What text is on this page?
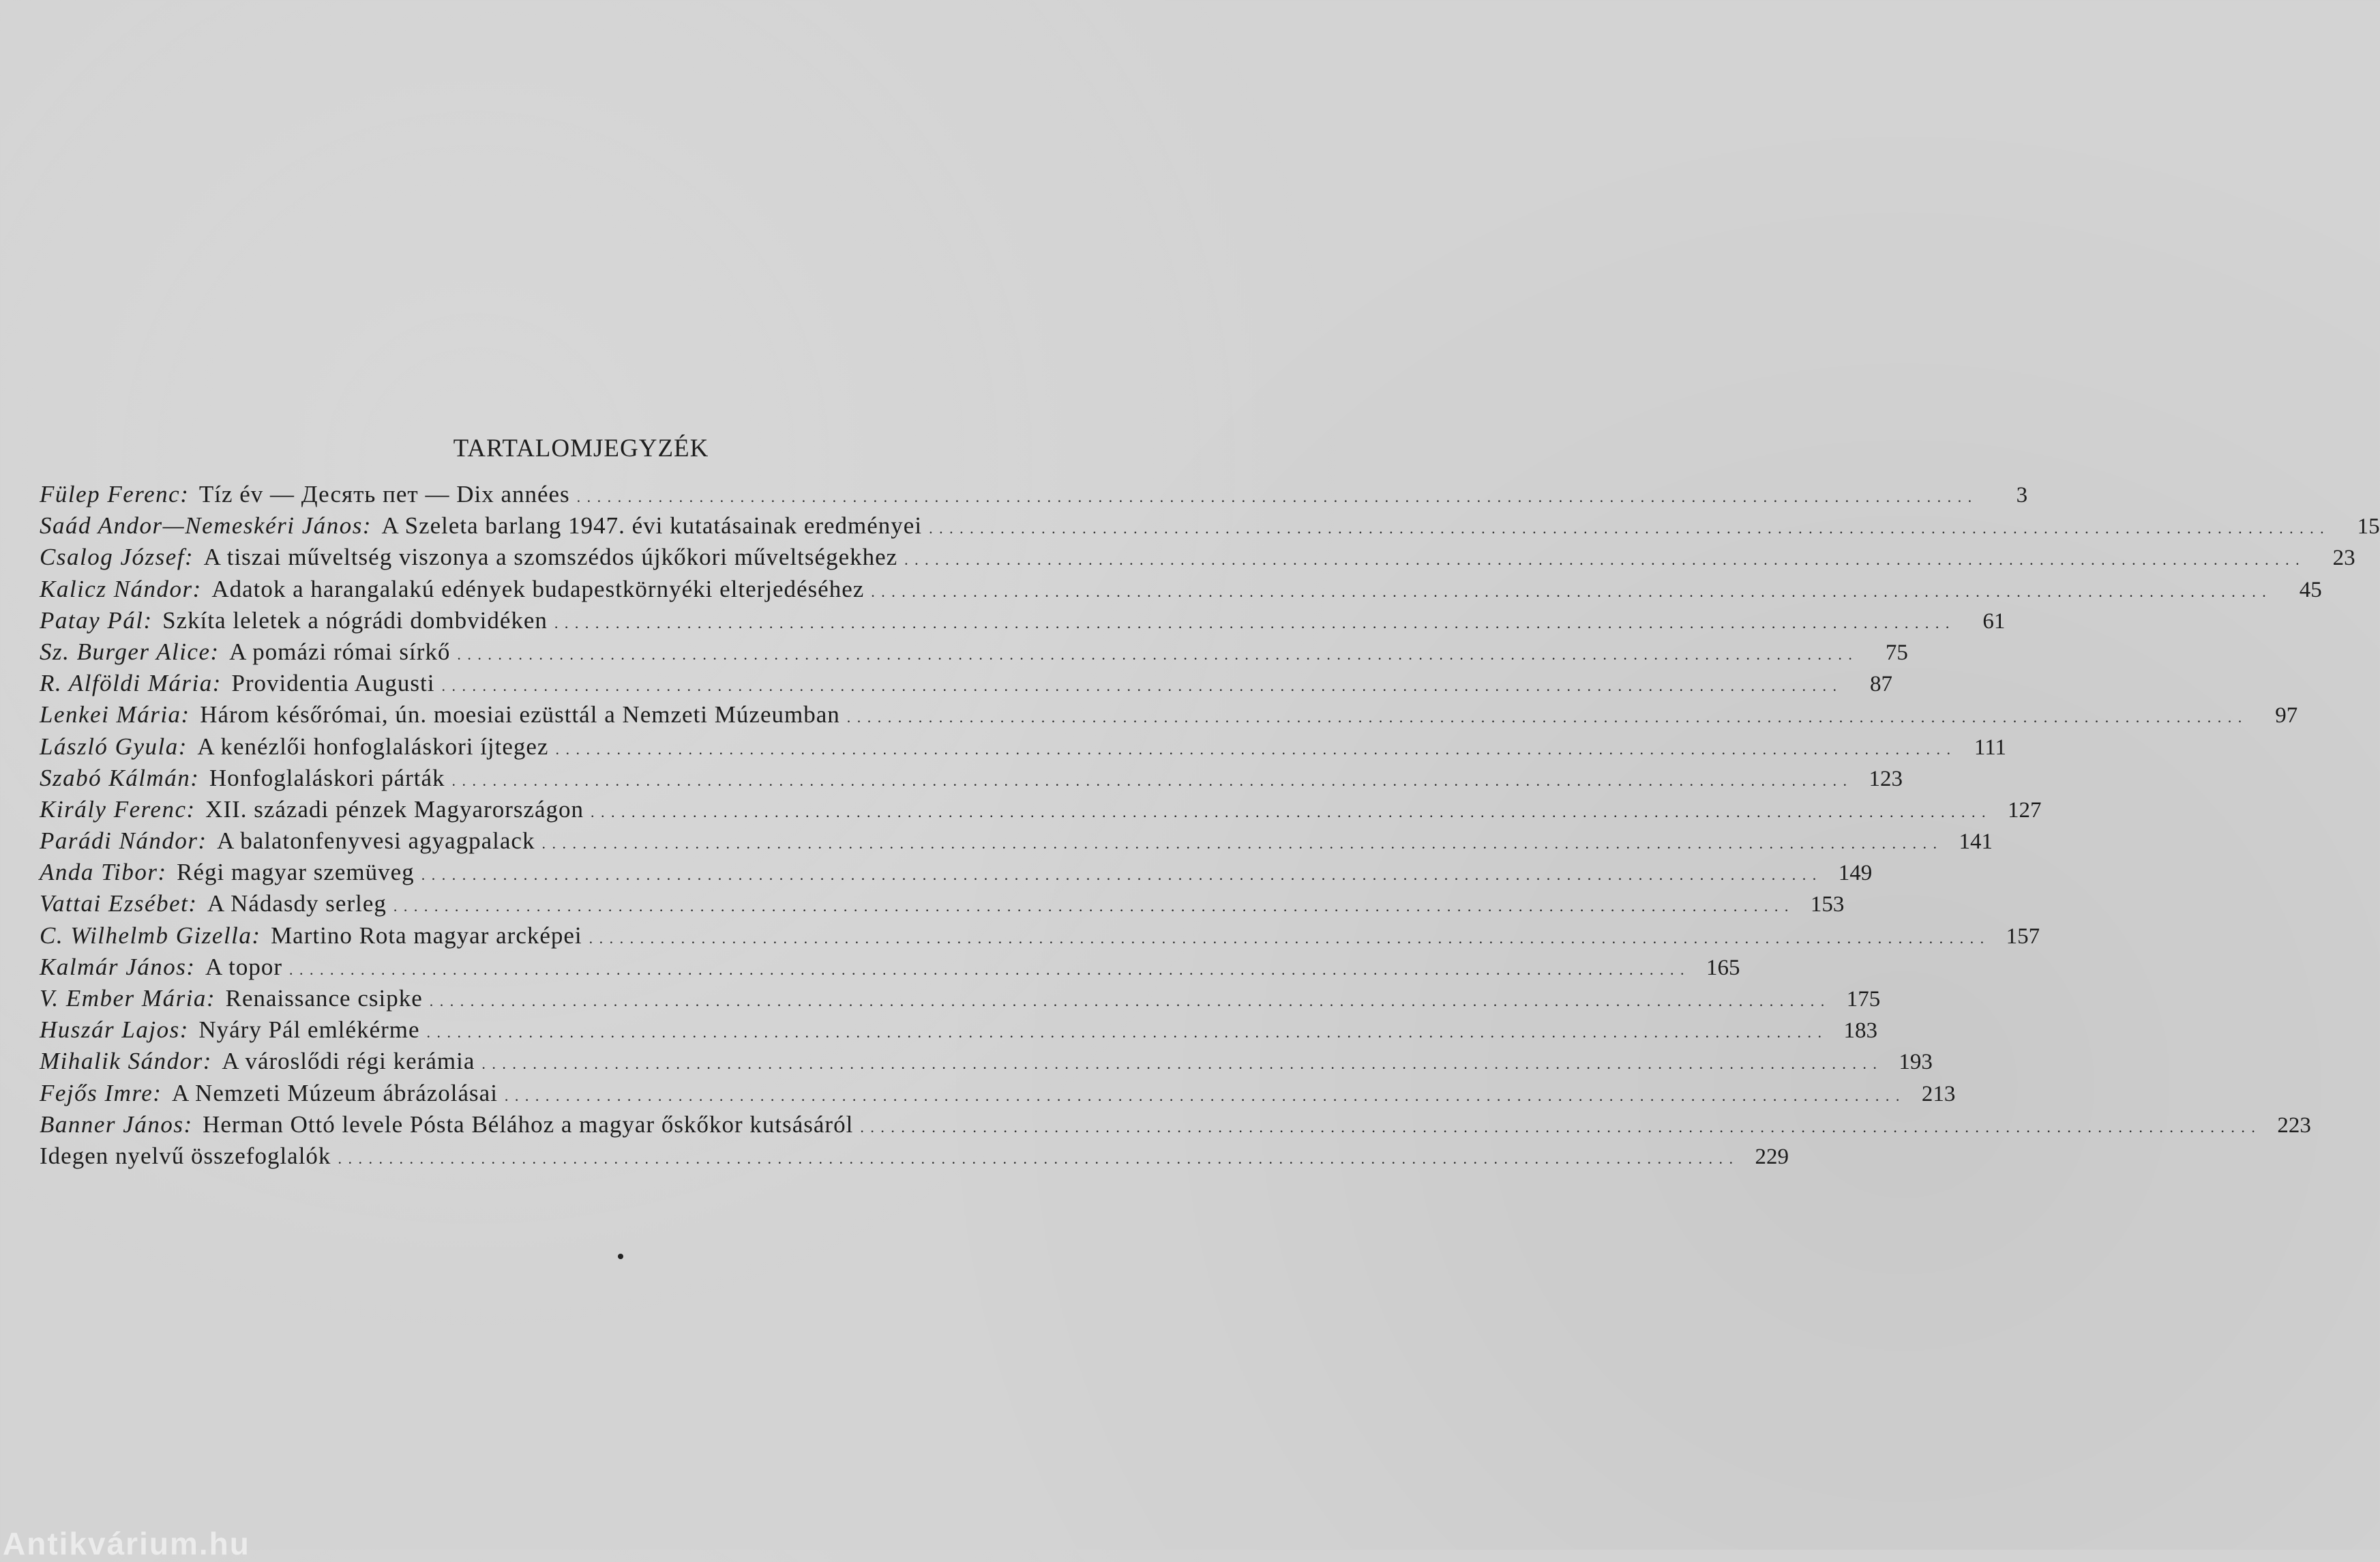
TARTALOMJEGYZÉK
Fülep Ferenc : Tíz év — Десять пет — Dix années . . .	3
Saád Andor—Nemeskéri János : A Szeleta barlang 1947. évi kutatásainak eredményei . . .	15
Csalog József : A tiszai műveltség viszonya a szomszédos újkőkori műveltségekhez . . .	23
Kalicz Nándor : Adatok a harangalakú edények budapestkörnyéki elterjedéséhez . . .	45
Patay Pál : Szkíta leletek a nógrádi dombvidéken . . .	61
Sz. Burger Alice : A pomázi római sírkő . . .	75
R. Alföldi Mária : Providentia Augusti . . .	87
Lenkei Mária : Három későrómai, ún. moesiai ezüsttál a Nemzeti Múzeumban . . .	97
László Gyula : A kenézlői honfoglaláskori íjtegez . . .	111
Szabó Kálmán : Honfoglaláskori párták . . .	123
Király Ferenc : XII. századi pénzek Magyarországon . . .	127
Parádi Nándor : A balatonfenyvesi agyagpalack . . .	141
Anda Tibor : Régi magyar szemüveg . . .	149
Vattai Ezsébet : A Nádasdy serleg . . .	153
C. Wilhelmb Gizella : Martino Rota magyar arcképei . . .	157
Kalmár János : A topor . . .	165
V. Ember Mária : Renaissance csipke . . .	175
Huszár Lajos : Nyáry Pál emlékérme . . .	183
Mihalik Sándor : A városlődi régi kerámia . . .	193
Fejős Imre : A Nemzeti Múzeum ábrázolásai . . .	213
Banner János : Herman Ottó levele Pósta Bélához a magyar őskőkor kutsásáról . . .	223
Idegen nyelvű összefoglalók . . .	229
Antikvárium.hu
